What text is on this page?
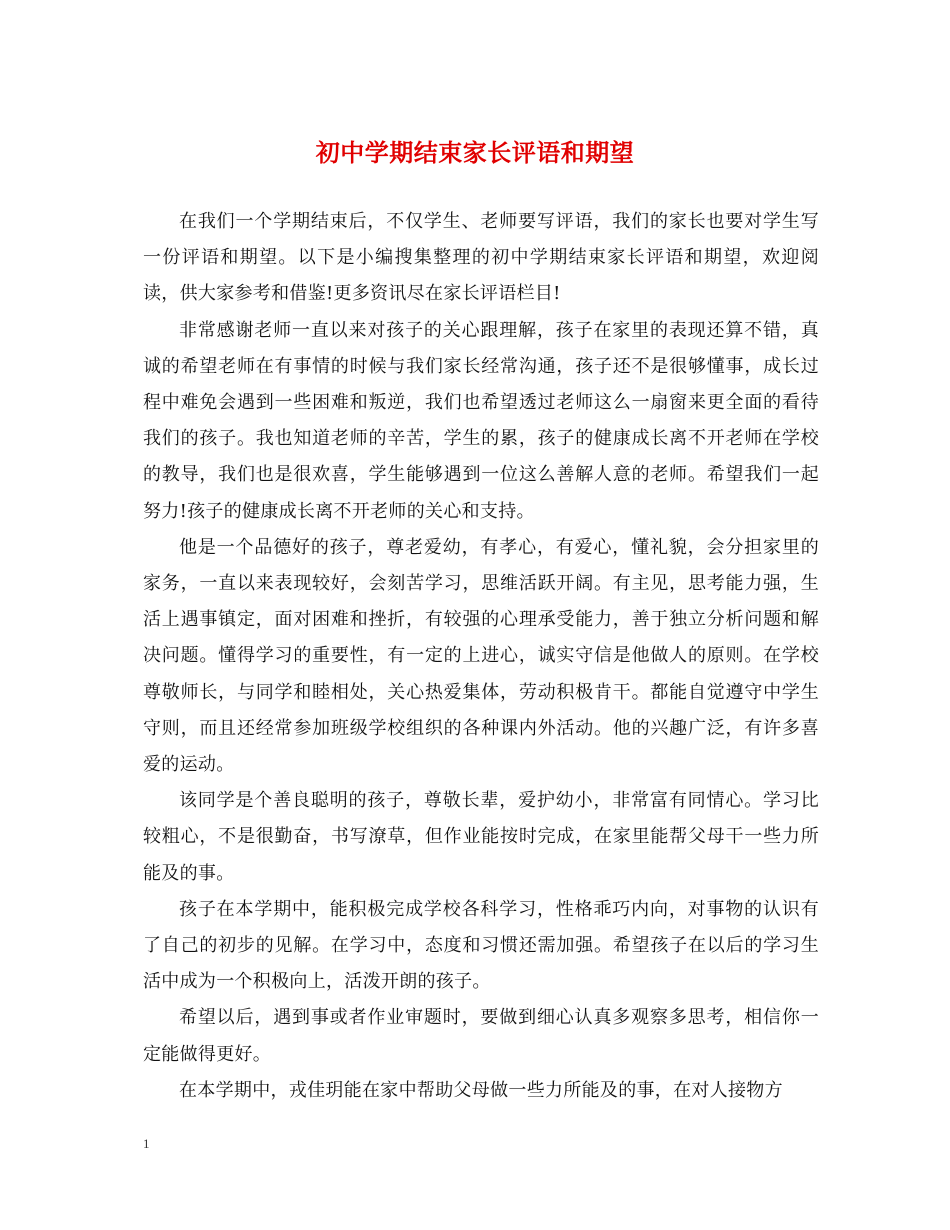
初中学期结束家长评语和期望

在我们一个学期结束后，不仅学生、老师要写评语，我们的家长也要对学生写一份评语和期望。以下是小编搜集整理的初中学期结束家长评语和期望，欢迎阅读，供大家参考和借鉴!更多资讯尽在家长评语栏目!

非常感谢老师一直以来对孩子的关心跟理解，孩子在家里的表现还算不错，真诚的希望老师在有事情的时候与我们家长经常沟通，孩子还不是很够懂事，成长过程中难免会遇到一些困难和叛逆，我们也希望透过老师这么一扇窗来更全面的看待我们的孩子。我也知道老师的辛苦，学生的累，孩子的健康成长离不开老师在学校的教导，我们也是很欢喜，学生能够遇到一位这么善解人意的老师。希望我们一起努力!孩子的健康成长离不开老师的关心和支持。

他是一个品德好的孩子，尊老爱幼，有孝心，有爱心，懂礼貌，会分担家里的家务，一直以来表现较好，会刻苦学习，思维活跃开阔。有主见，思考能力强，生活上遇事镇定，面对困难和挫折，有较强的心理承受能力，善于独立分析问题和解决问题。懂得学习的重要性，有一定的上进心，诚实守信是他做人的原则。在学校尊敬师长，与同学和睦相处，关心热爱集体，劳动积极肯干。都能自觉遵守中学生守则，而且还经常参加班级学校组织的各种课内外活动。他的兴趣广泛，有许多喜爱的运动。

该同学是个善良聪明的孩子，尊敬长辈，爱护幼小，非常富有同情心。学习比较粗心，不是很勤奋，书写潦草，但作业能按时完成，在家里能帮父母干一些力所能及的事。

孩子在本学期中，能积极完成学校各科学习，性格乖巧内向，对事物的认识有了自己的初步的见解。在学习中，态度和习惯还需加强。希望孩子在以后的学习生活中成为一个积极向上，活泼开朗的孩子。

希望以后，遇到事或者作业审题时，要做到细心认真多观察多思考，相信你一定能做得更好。

在本学期中，戎佳玥能在家中帮助父母做一些力所能及的事，在对人接物方

1
